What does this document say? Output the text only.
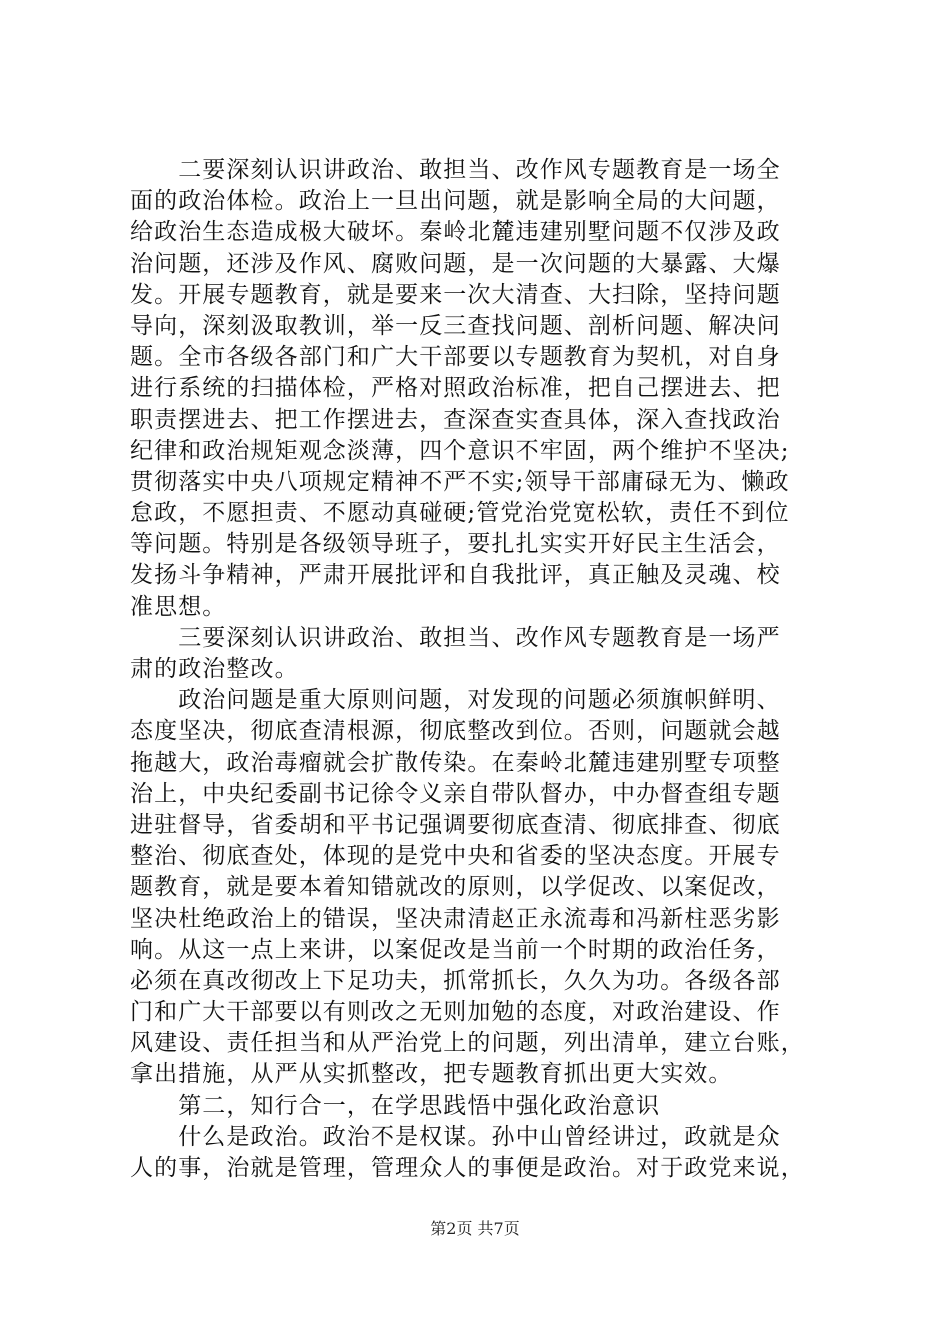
　　二要深刻认识讲政治、敢担当、改作风专题教育是一场全
面的政治体检。政治上一旦出问题，就是影响全局的大问题，
给政治生态造成极大破坏。秦岭北麓违建别墅问题不仅涉及政
治问题，还涉及作风、腐败问题，是一次问题的大暴露、大爆
发。开展专题教育，就是要来一次大清查、大扫除，坚持问题
导向，深刻汲取教训，举一反三查找问题、剖析问题、解决问
题。全市各级各部门和广大干部要以专题教育为契机，对自身
进行系统的扫描体检，严格对照政治标准，把自己摆进去、把
职责摆进去、把工作摆进去，查深查实查具体，深入查找政治
纪律和政治规矩观念淡薄，四个意识不牢固，两个维护不坚决;
贯彻落实中央八项规定精神不严不实;领导干部庸碌无为、懒政
怠政，不愿担责、不愿动真碰硬;管党治党宽松软，责任不到位
等问题。特别是各级领导班子，要扎扎实实开好民主生活会，
发扬斗争精神，严肃开展批评和自我批评，真正触及灵魂、校
准思想。
　　三要深刻认识讲政治、敢担当、改作风专题教育是一场严
肃的政治整改。
　　政治问题是重大原则问题，对发现的问题必须旗帜鲜明、
态度坚决，彻底查清根源，彻底整改到位。否则，问题就会越
拖越大，政治毒瘤就会扩散传染。在秦岭北麓违建别墅专项整
治上，中央纪委副书记徐令义亲自带队督办，中办督查组专题
进驻督导，省委胡和平书记强调要彻底查清、彻底排查、彻底
整治、彻底查处，体现的是党中央和省委的坚决态度。开展专
题教育，就是要本着知错就改的原则，以学促改、以案促改，
坚决杜绝政治上的错误，坚决肃清赵正永流毒和冯新柱恶劣影
响。从这一点上来讲，以案促改是当前一个时期的政治任务，
必须在真改彻改上下足功夫，抓常抓长，久久为功。各级各部
门和广大干部要以有则改之无则加勉的态度，对政治建设、作
风建设、责任担当和从严治党上的问题，列出清单，建立台账，
拿出措施，从严从实抓整改，把专题教育抓出更大实效。
　　第二，知行合一，在学思践悟中强化政治意识
　　什么是政治。政治不是权谋。孙中山曾经讲过，政就是众
人的事，治就是管理，管理众人的事便是政治。对于政党来说，
第2页 共7页
